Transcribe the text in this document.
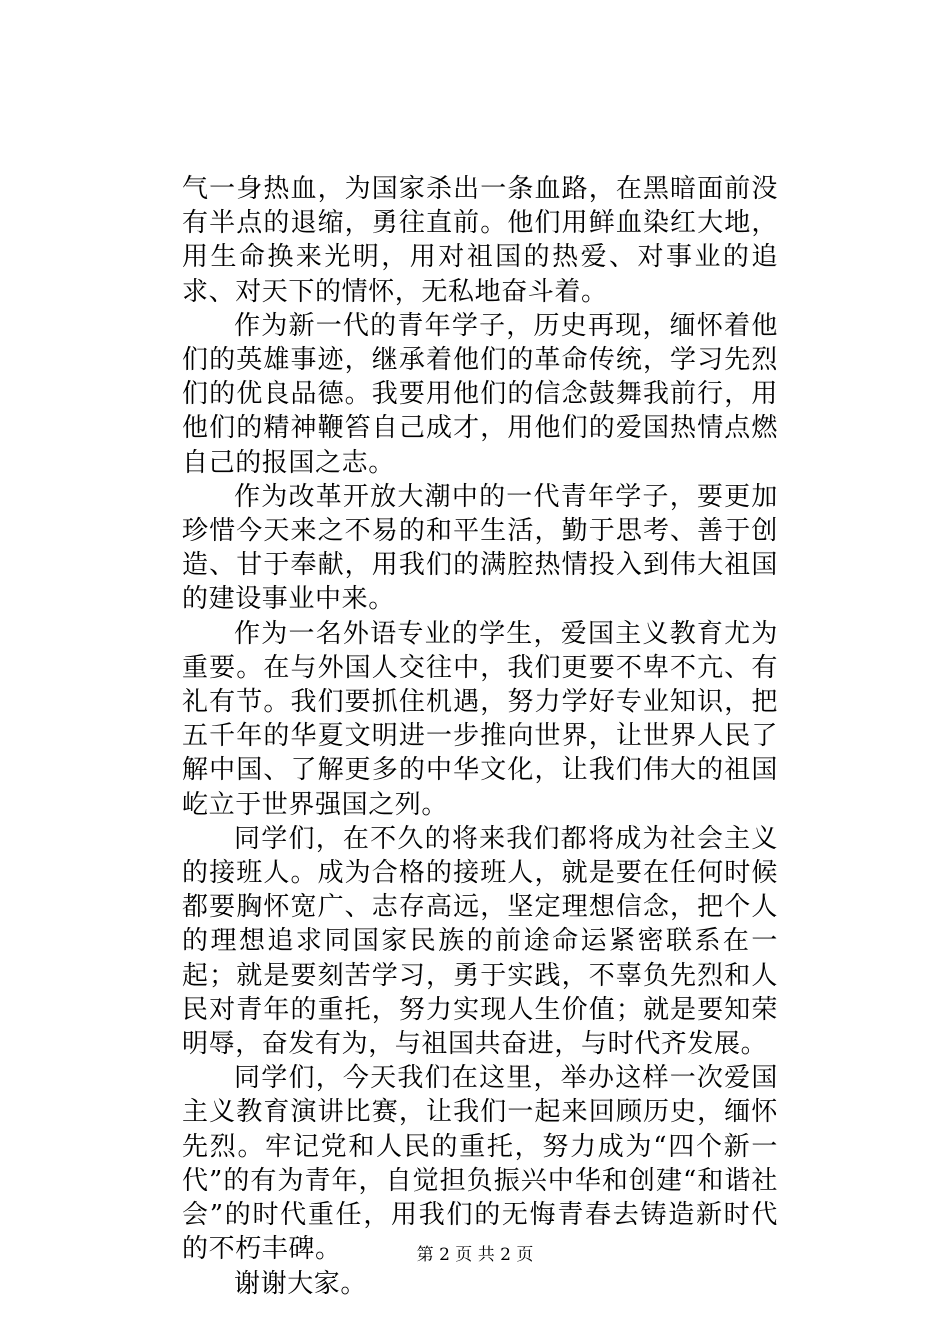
气一身热血，为国家杀出一条血路，在黑暗面前没有半点的退缩，勇往直前。他们用鲜血染红大地，用生命换来光明，用对祖国的热爱、对事业的追求、对天下的情怀，无私地奋斗着。

作为新一代的青年学子，历史再现，缅怀着他们的英雄事迹，继承着他们的革命传统，学习先烈们的优良品德。我要用他们的信念鼓舞我前行，用他们的精神鞭笞自己成才，用他们的爱国热情点燃自己的报国之志。

作为改革开放大潮中的一代青年学子，要更加珍惜今天来之不易的和平生活，勤于思考、善于创造、甘于奉献，用我们的满腔热情投入到伟大祖国的建设事业中来。

作为一名外语专业的学生，爱国主义教育尤为重要。在与外国人交往中，我们更要不卑不亢、有礼有节。我们要抓住机遇，努力学好专业知识，把五千年的华夏文明进一步推向世界，让世界人民了解中国、了解更多的中华文化，让我们伟大的祖国屹立于世界强国之列。

同学们，在不久的将来我们都将成为社会主义的接班人。成为合格的接班人，就是要在任何时候都要胸怀宽广、志存高远，坚定理想信念，把个人的理想追求同国家民族的前途命运紧密联系在一起；就是要刻苦学习，勇于实践，不辜负先烈和人民对青年的重托，努力实现人生价值；就是要知荣明辱，奋发有为，与祖国共奋进，与时代齐发展。

同学们，今天我们在这里，举办这样一次爱国主义教育演讲比赛，让我们一起来回顾历史，缅怀先烈。牢记党和人民的重托，努力成为“四个新一代”的有为青年，自觉担负振兴中华和创建“和谐社会”的时代重任，用我们的无悔青春去铸造新时代的不朽丰碑。

谢谢大家。

第 2 页 共 2 页
